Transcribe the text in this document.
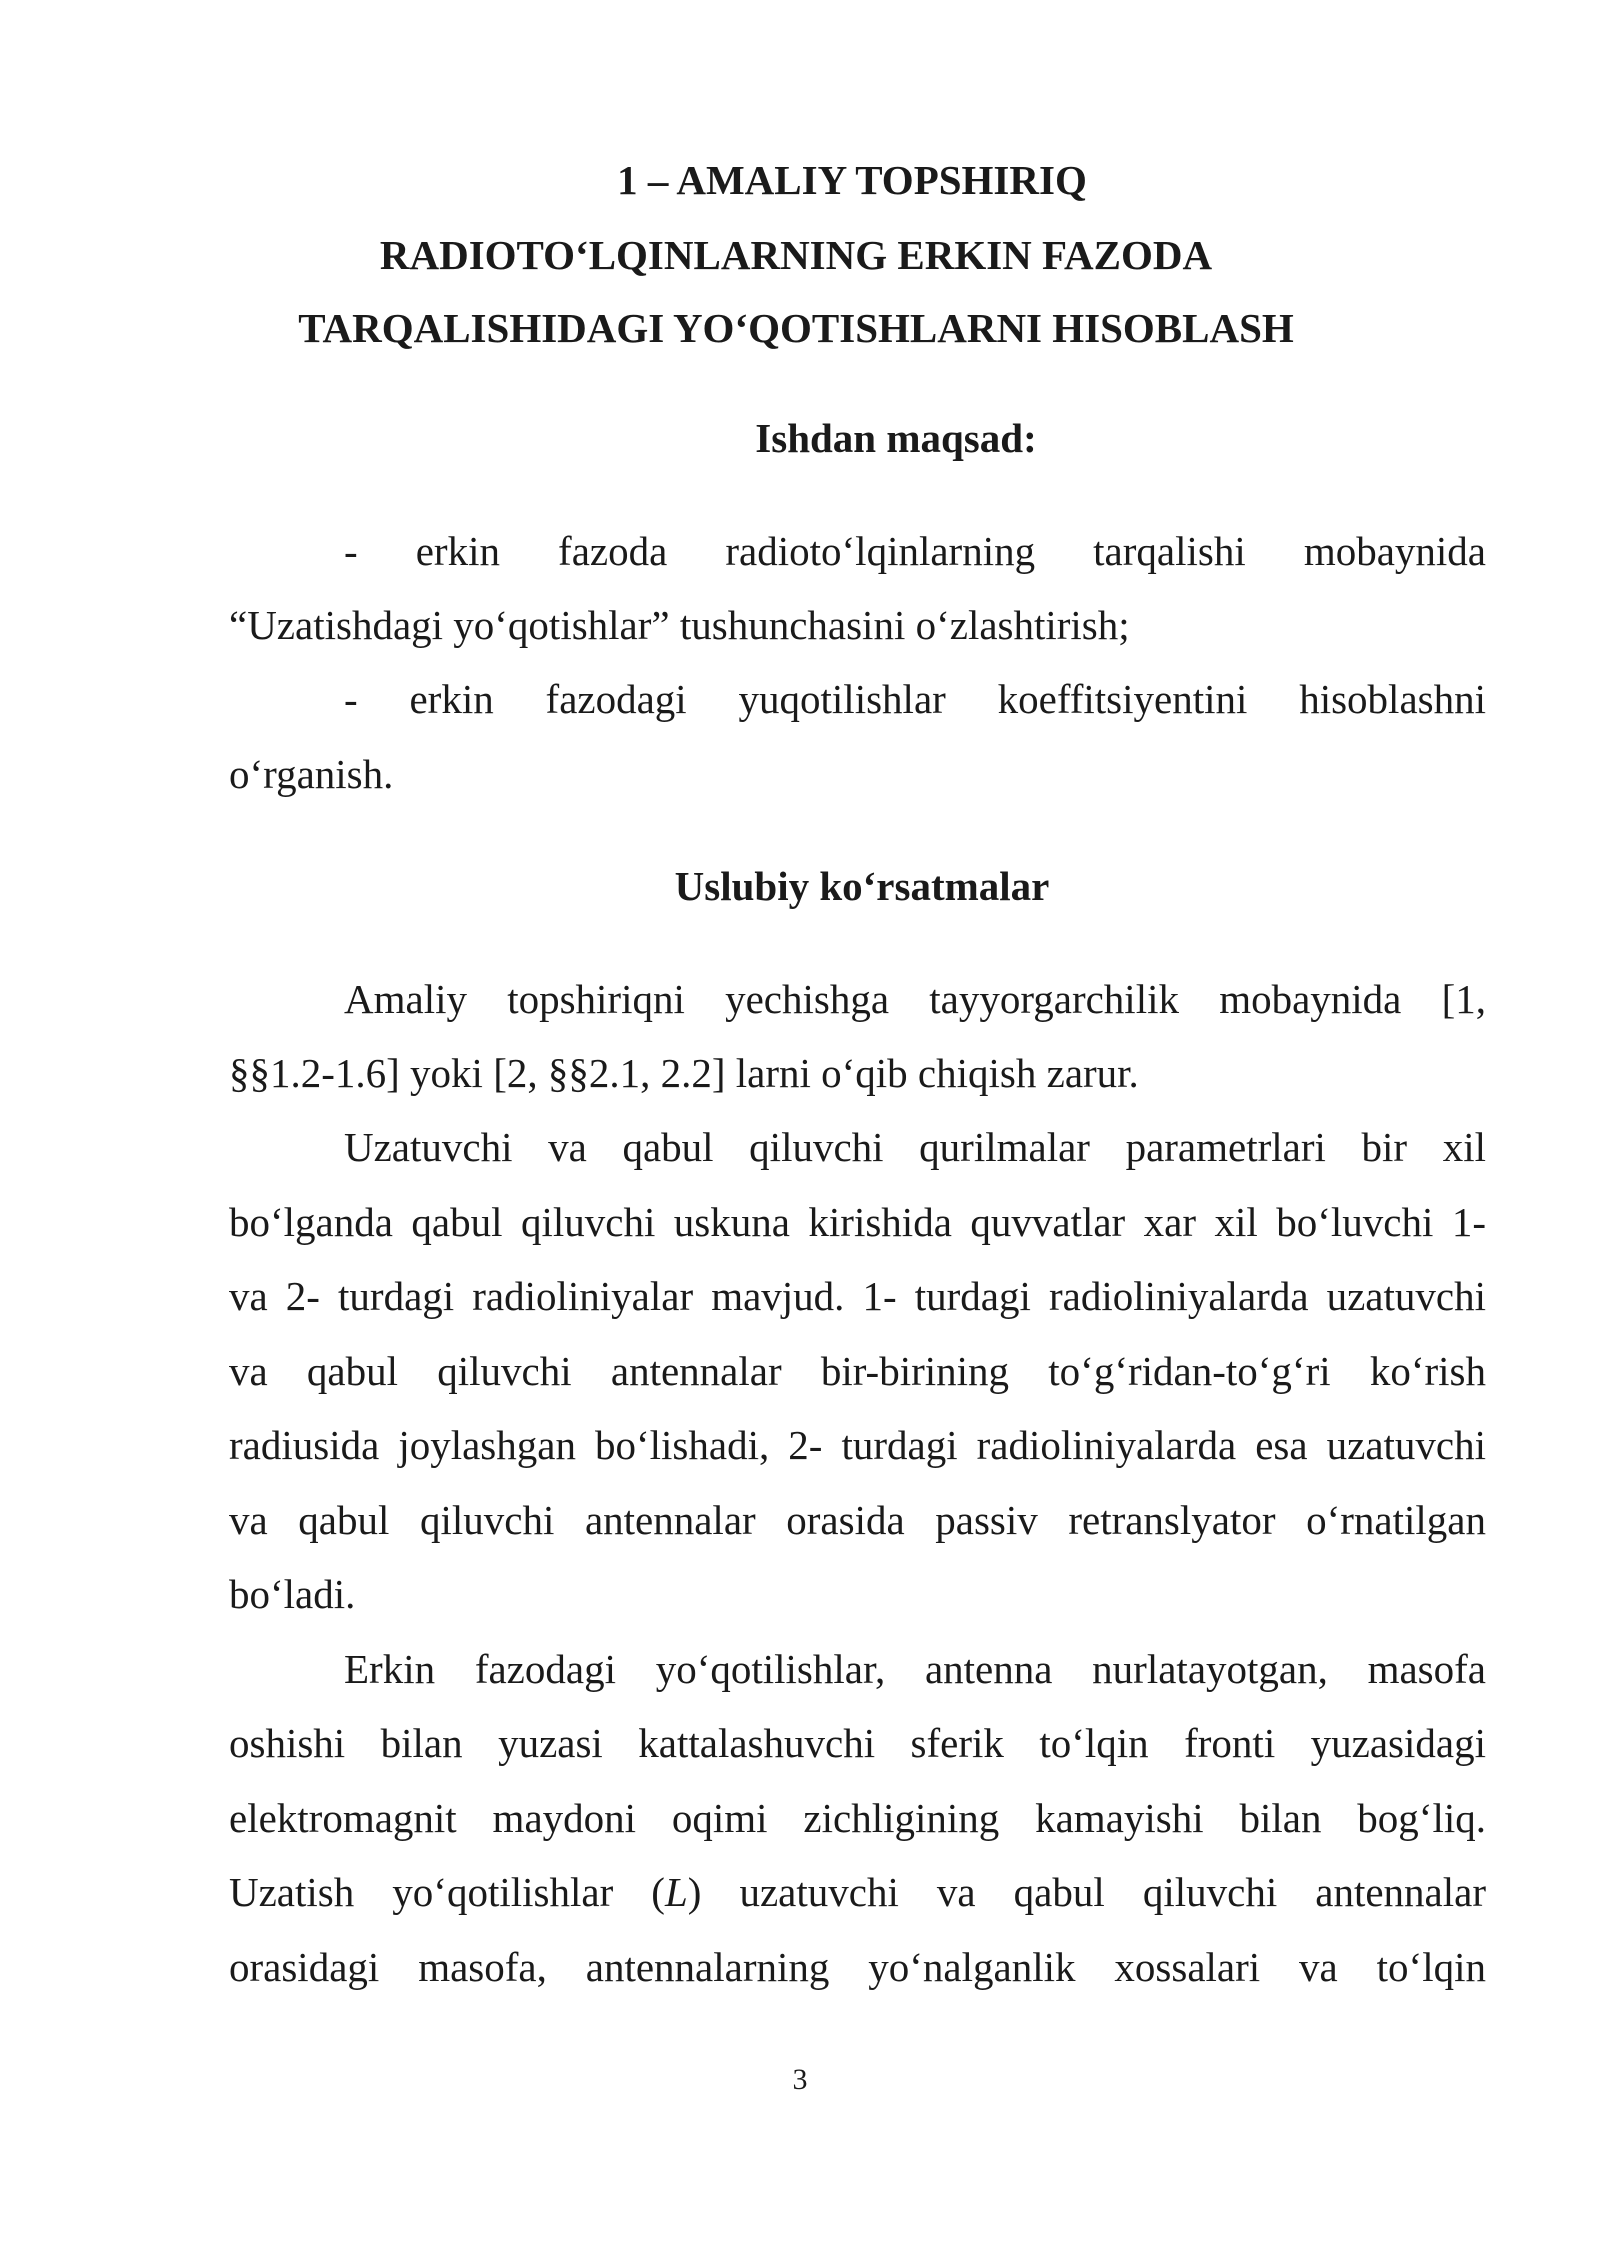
1 – AMALIY TOPSHIRIQ
RADIOTO‘LQINLARNING ERKIN FAZODA
TARQALISHIDAGI YO‘QOTISHLARNI HISOBLASH
Ishdan maqsad:
- erkin fazoda radioto‘lqinlarning tarqalishi mobaynida
“Uzatishdagi yo‘qotishlar” tushunchasini o‘zlashtirish;
- erkin fazodagi yuqotilishlar koeffitsiyentini hisoblashni
o‘rganish.
Uslubiy ko‘rsatmalar
Amaliy topshiriqni yechishga tayyorgarchilik mobaynida [1,
§§1.2-1.6] yoki [2, §§2.1, 2.2] larni o‘qib chiqish zarur.
Uzatuvchi va qabul qiluvchi qurilmalar parametrlari bir xil
bo‘lganda qabul qiluvchi uskuna kirishida quvvatlar xar xil bo‘luvchi 1-
va 2- turdagi radioliniyalar mavjud. 1- turdagi radioliniyalarda uzatuvchi
va qabul qiluvchi antennalar bir-birining to‘g‘ridan-to‘g‘ri ko‘rish
radiusida joylashgan bo‘lishadi, 2- turdagi radioliniyalarda esa uzatuvchi
va qabul qiluvchi antennalar orasida passiv retranslyator o‘rnatilgan
bo‘ladi.
Erkin fazodagi yo‘qotilishlar, antenna nurlatayotgan, masofa
oshishi bilan yuzasi kattalashuvchi sferik to‘lqin fronti yuzasidagi
elektromagnit maydoni oqimi zichligining kamayishi bilan bog‘liq.
Uzatish yo‘qotilishlar (L) uzatuvchi va qabul qiluvchi antennalar
orasidagi masofa, antennalarning yo‘nalganlik xossalari va to‘lqin
3
